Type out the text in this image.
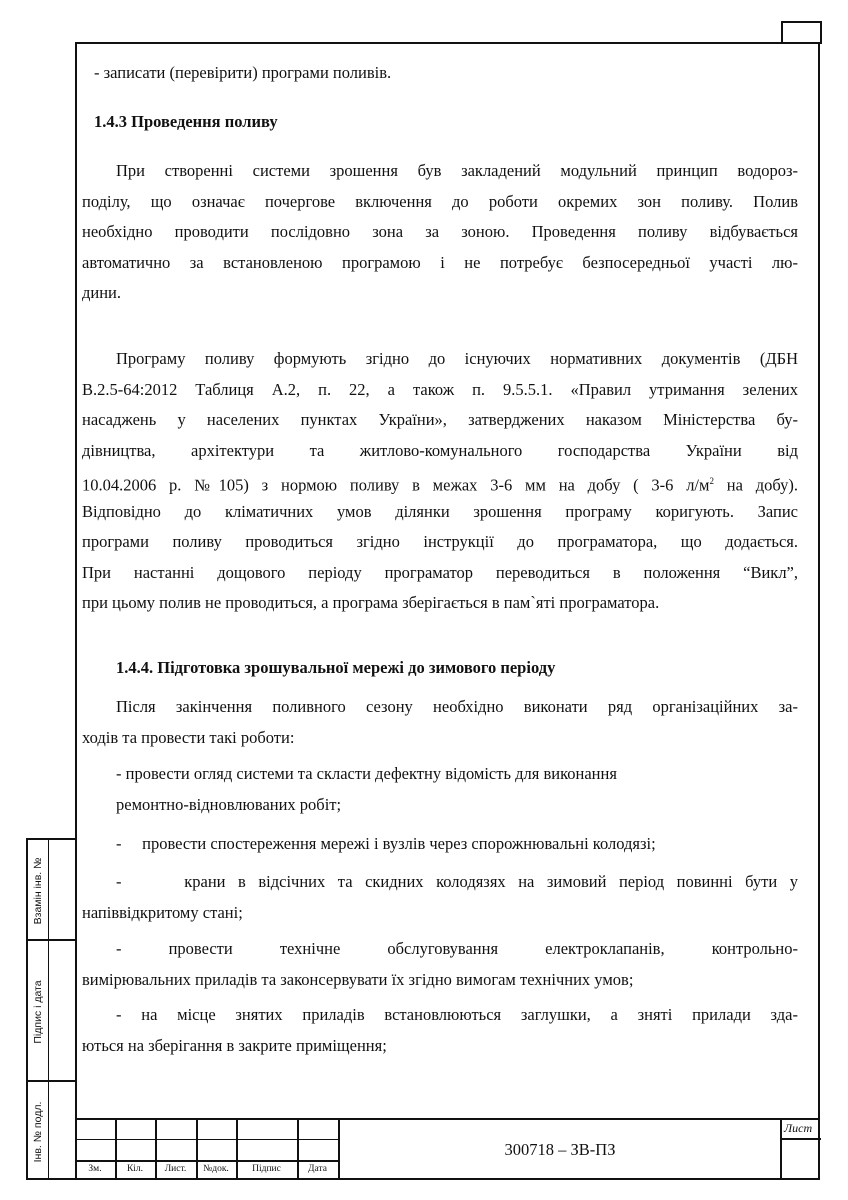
Взамін інв. №
Підпис і дата
Інв. № подл.
- записати (перевірити) програми поливів.
1.4.3 Проведення поливу
При створенні системи зрошення був закладений модульний принцип водороз-
поділу, що означає почергове включення до роботи окремих зон поливу. Полив
необхідно проводити послідовно зона за зоною. Проведення поливу відбувається
автоматично за встановленою програмою і не потребує безпосередньої участі лю-
дини.
Програму поливу формують згідно до існуючих нормативних документів (ДБН
В.2.5-64:2012 Таблиця А.2, п. 22, а також п. 9.5.5.1. «Правил утримання зелених
насаджень у населених пунктах України», затверджених наказом Міністерства бу-
дівництва, архітектури та житлово-комунального господарства України від
10.04.2006 р. №105) з нормою поливу в межах 3-6 мм на добу ( 3-6 $л/м^2$ на добу).
Відповідно до кліматичних умов ділянки зрошення програму коригують. Запис
програми поливу проводиться згідно інструкції до програматора, що додається.
При настанні дощового періоду програматор переводиться в положення “Викл”,
при цьому полив не проводиться, а програма зберігається в пам`яті програматора.
1.4.4. Підготовка зрошувальної мережі до зимового періоду
Після закінчення поливного сезону необхідно виконати ряд організаційних за-
ходів та провести такі роботи:
- провести огляд системи та скласти дефектну відомість для виконання
ремонтно-відновлюваних робіт;
-     провести спостереження мережі і вузлів через спорожнювальні колодязі;
-     крани в відсічних та скидних колодязях на зимовий період повинні бути у
напіввідкритому стані;
- провести технічне обслуговування електроклапанів, контрольно-
вимірювальних приладів та законсервувати їх згідно вимогам технічних умов;
- на місце знятих приладів встановлюються заглушки, а зняті прилади зда-
ються на зберігання в закрите приміщення;
Зм.	Кіл.	Лист.	№док.	Підпис	Дата
300718 – ЗВ-ПЗ
Лист
